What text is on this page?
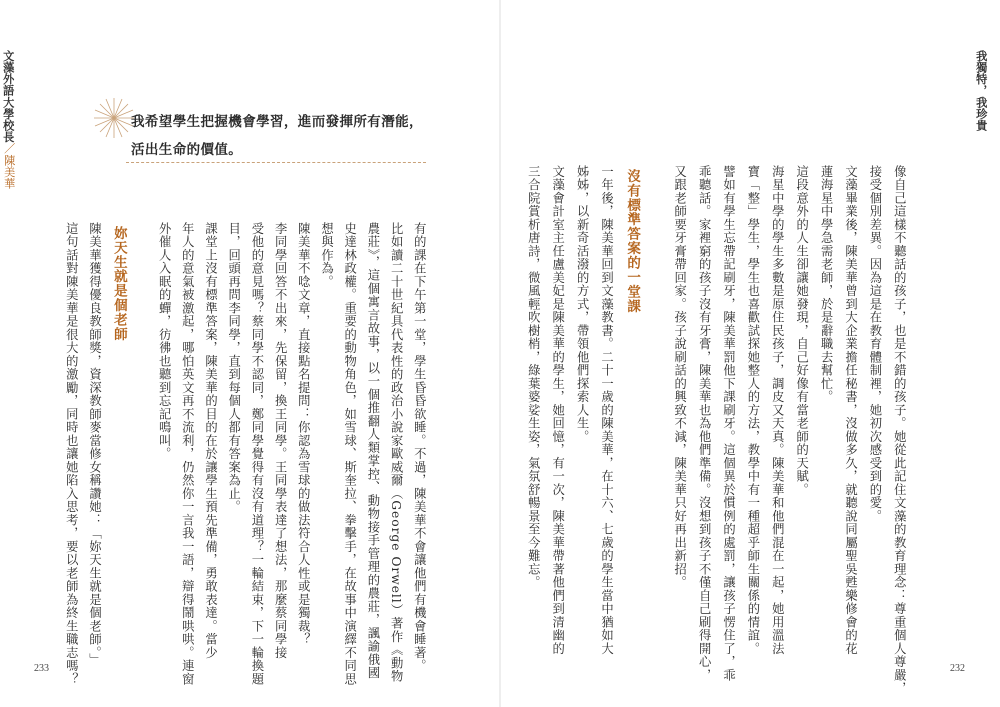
文藻外語大學校長／陳美華
我希望學生把握機會學習，進而發揮所有潛能，
活出生命的價值。
有的課在下午第一堂，學生昏昏欲睡。不過，陳美華不會讓他們有機會睡著。
比如讀二十世紀具代表性的政治小說家歐威爾（George Orwell）著作《動物
農莊》，這個寓言故事，以一個推翻人類掌控、動物接手管理的農莊，諷諭俄國
史達林政權。重要的動物角色，如雪球、斯奎拉、拳擊手，在故事中演繹不同思
想與作為。
陳美華不唸文章，直接點名提問：你認為雪球的做法符合人性或是獨裁？
李同學回答不出來，先保留，換王同學。王同學表達了想法，那麼蔡同學接
受他的意見嗎？蔡同學不認同，鄭同學覺得有沒有道理？一輪結束，下一輪換題
目，回頭再問李同學，直到每個人都有答案為止。
課堂上沒有標準答案，陳美華的目的在於讓學生預先準備，勇敢表達。當少
年人的意氣被激起，哪怕英文再不流利，仍然你一言我一語，辯得鬧哄哄。連窗
外催人入眠的蟬，彷彿也聽到忘記鳴叫。
妳天生就是個老師
陳美華獲得優良教師獎，資深教師麥當修女稱讚她：「妳天生就是個老師。」
這句話對陳美華是很大的激勵，同時也讓她陷入思考，要以老師為終生職志嗎？
233
我獨特，我珍貴
像自己這樣不聽話的孩子，也是不錯的孩子。她從此記住文藻的教育理念：尊重個人尊嚴，
接受個別差異。因為這是在教育體制裡，她初次感受到的愛。
文藻畢業後，陳美華曾到大企業擔任秘書，沒做多久，就聽說同屬聖吳甦樂修會的花
蓮海星中學急需老師，於是辭職去幫忙。
這段意外的人生卻讓她發現，自己好像有當老師的天賦。
海星中學的學生多數是原住民孩子，調皮又天真。陳美華和他們混在一起，她用溫法
寶「整」學生，學生也喜歡試探她整人的方法，教學中有一種超乎師生關係的情誼。
譬如有學生忘帶記刷牙，陳美華罰他下課刷牙。這個異於慣例的處罰，讓孩子愣住了，乖
乖聽話。家裡窮的孩子沒有牙膏，陳美華也為他們準備。沒想到孩子不僅自己刷得開心，
又跟老師要牙膏帶回家。孩子說刷話的興致不減，陳美華只好再出新招。
沒有標準答案的一堂課
一年後，陳美華回到文藻教書。二十一歲的陳美華，在十六、七歲的學生當中猶如大
姊姊，以新奇活潑的方式，帶領他們探索人生。
文藻會計室主任盧美妃是陳美華的學生，她回憶，有一次，陳美華帶著他們到清幽的
三合院賞析唐詩，微風輕吹樹梢，綠葉婆娑生姿，氣氛舒暢景至今難忘。
232
